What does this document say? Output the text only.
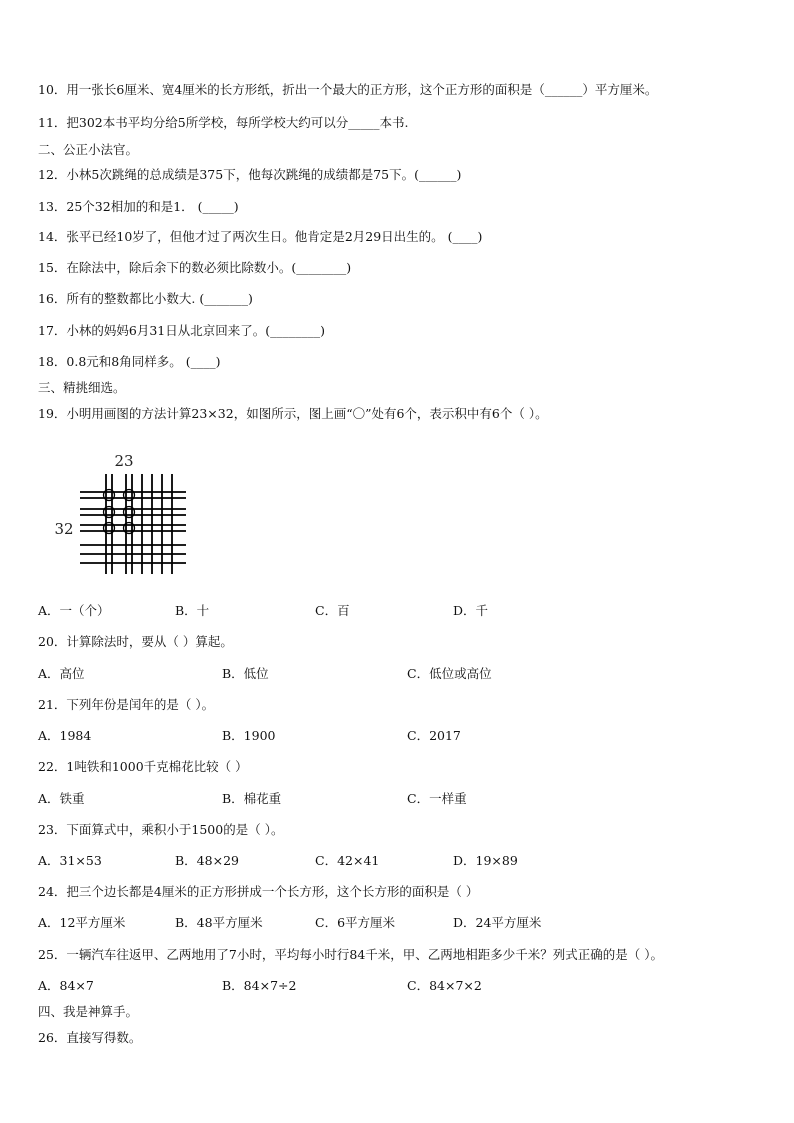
10．用一张长6厘米、宽4厘米的长方形纸，折出一个最大的正方形，这个正方形的面积是（______）平方厘米。
11．把302本书平均分给5所学校，每所学校大约可以分_____本书.
二、公正小法官。
12．小林5次跳绳的总成绩是375下，他每次跳绳的成绩都是75下。(______)
13．25个32相加的和是1． (_____)
14．张平已经10岁了，但他才过了两次生日。他肯定是2月29日出生的。 (____)
15．在除法中，除后余下的数必须比除数小。(________)
16．所有的整数都比小数大. (_______)
17．小林的妈妈6月31日从北京回来了。(________)
18．0.8元和8角同样多。 (____)
三、精挑细选。
19．小明用画图的方法计算23×32，如图所示，图上画“〇”处有6个，表示积中有6个（ ）。
23
32
A．一（个）	B．十	C．百	D．千
20．计算除法时，要从（ ）算起。
A．高位	B．低位	C．低位或高位
21．下列年份是闰年的是（ ）。
A．1984	B．1900	C．2017
22．1吨铁和1000千克棉花比较（ ）
A．铁重	B．棉花重	C．一样重
23．下面算式中，乘积小于1500的是（ ）。
A．31×53	B．48×29	C．42×41	D．19×89
24．把三个边长都是4厘米的正方形拼成一个长方形，这个长方形的面积是（ ）
A．12平方厘米	B．48平方厘米	C．6平方厘米	D．24平方厘米
25．一辆汽车往返甲、乙两地用了7小时，平均每小时行84千米，甲、乙两地相距多少千米？列式正确的是（ ）。
A．84×7	B．84×7÷2	C．84×7×2
四、我是神算手。
26．直接写得数。
